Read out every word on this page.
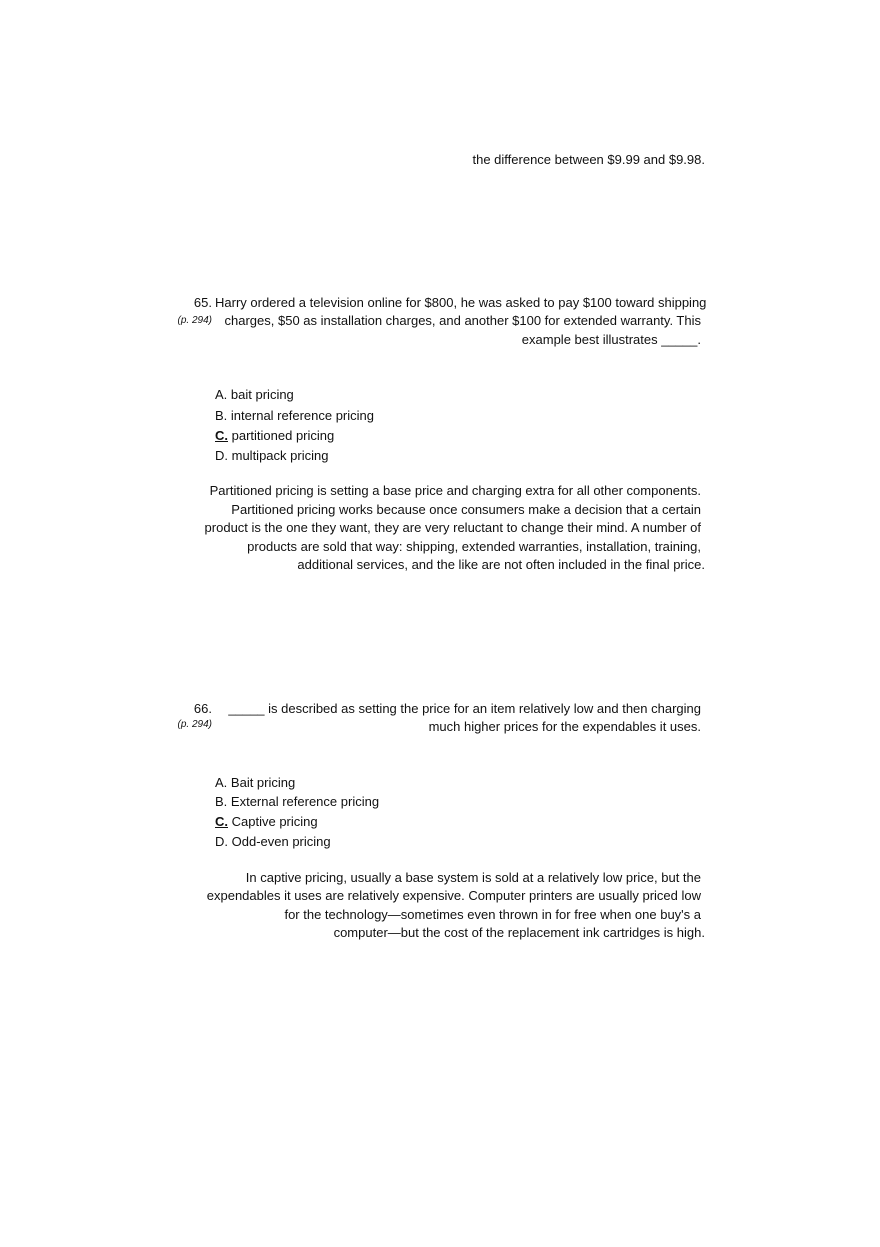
the difference between $9.99 and $9.98.
65.
(p. 294)
Harry ordered a television online for $800, he was asked to pay $100 toward shipping
charges, $50 as installation charges, and another $100 for extended warranty. This
example best illustrates _____.
A. bait pricing
B. internal reference pricing
C. partitioned pricing
D. multipack pricing
Partitioned pricing is setting a base price and charging extra for all other components.
Partitioned pricing works because once consumers make a decision that a certain
product is the one they want, they are very reluctant to change their mind. A number of
products are sold that way: shipping, extended warranties, installation, training,
additional services, and the like are not often included in the final price.
66.
(p. 294)
_____ is described as setting the price for an item relatively low and then charging
much higher prices for the expendables it uses.
A. Bait pricing
B. External reference pricing
C. Captive pricing
D. Odd-even pricing
In captive pricing, usually a base system is sold at a relatively low price, but the
expendables it uses are relatively expensive. Computer printers are usually priced low
for the technology—sometimes even thrown in for free when one buy's a
computer—but the cost of the replacement ink cartridges is high.
